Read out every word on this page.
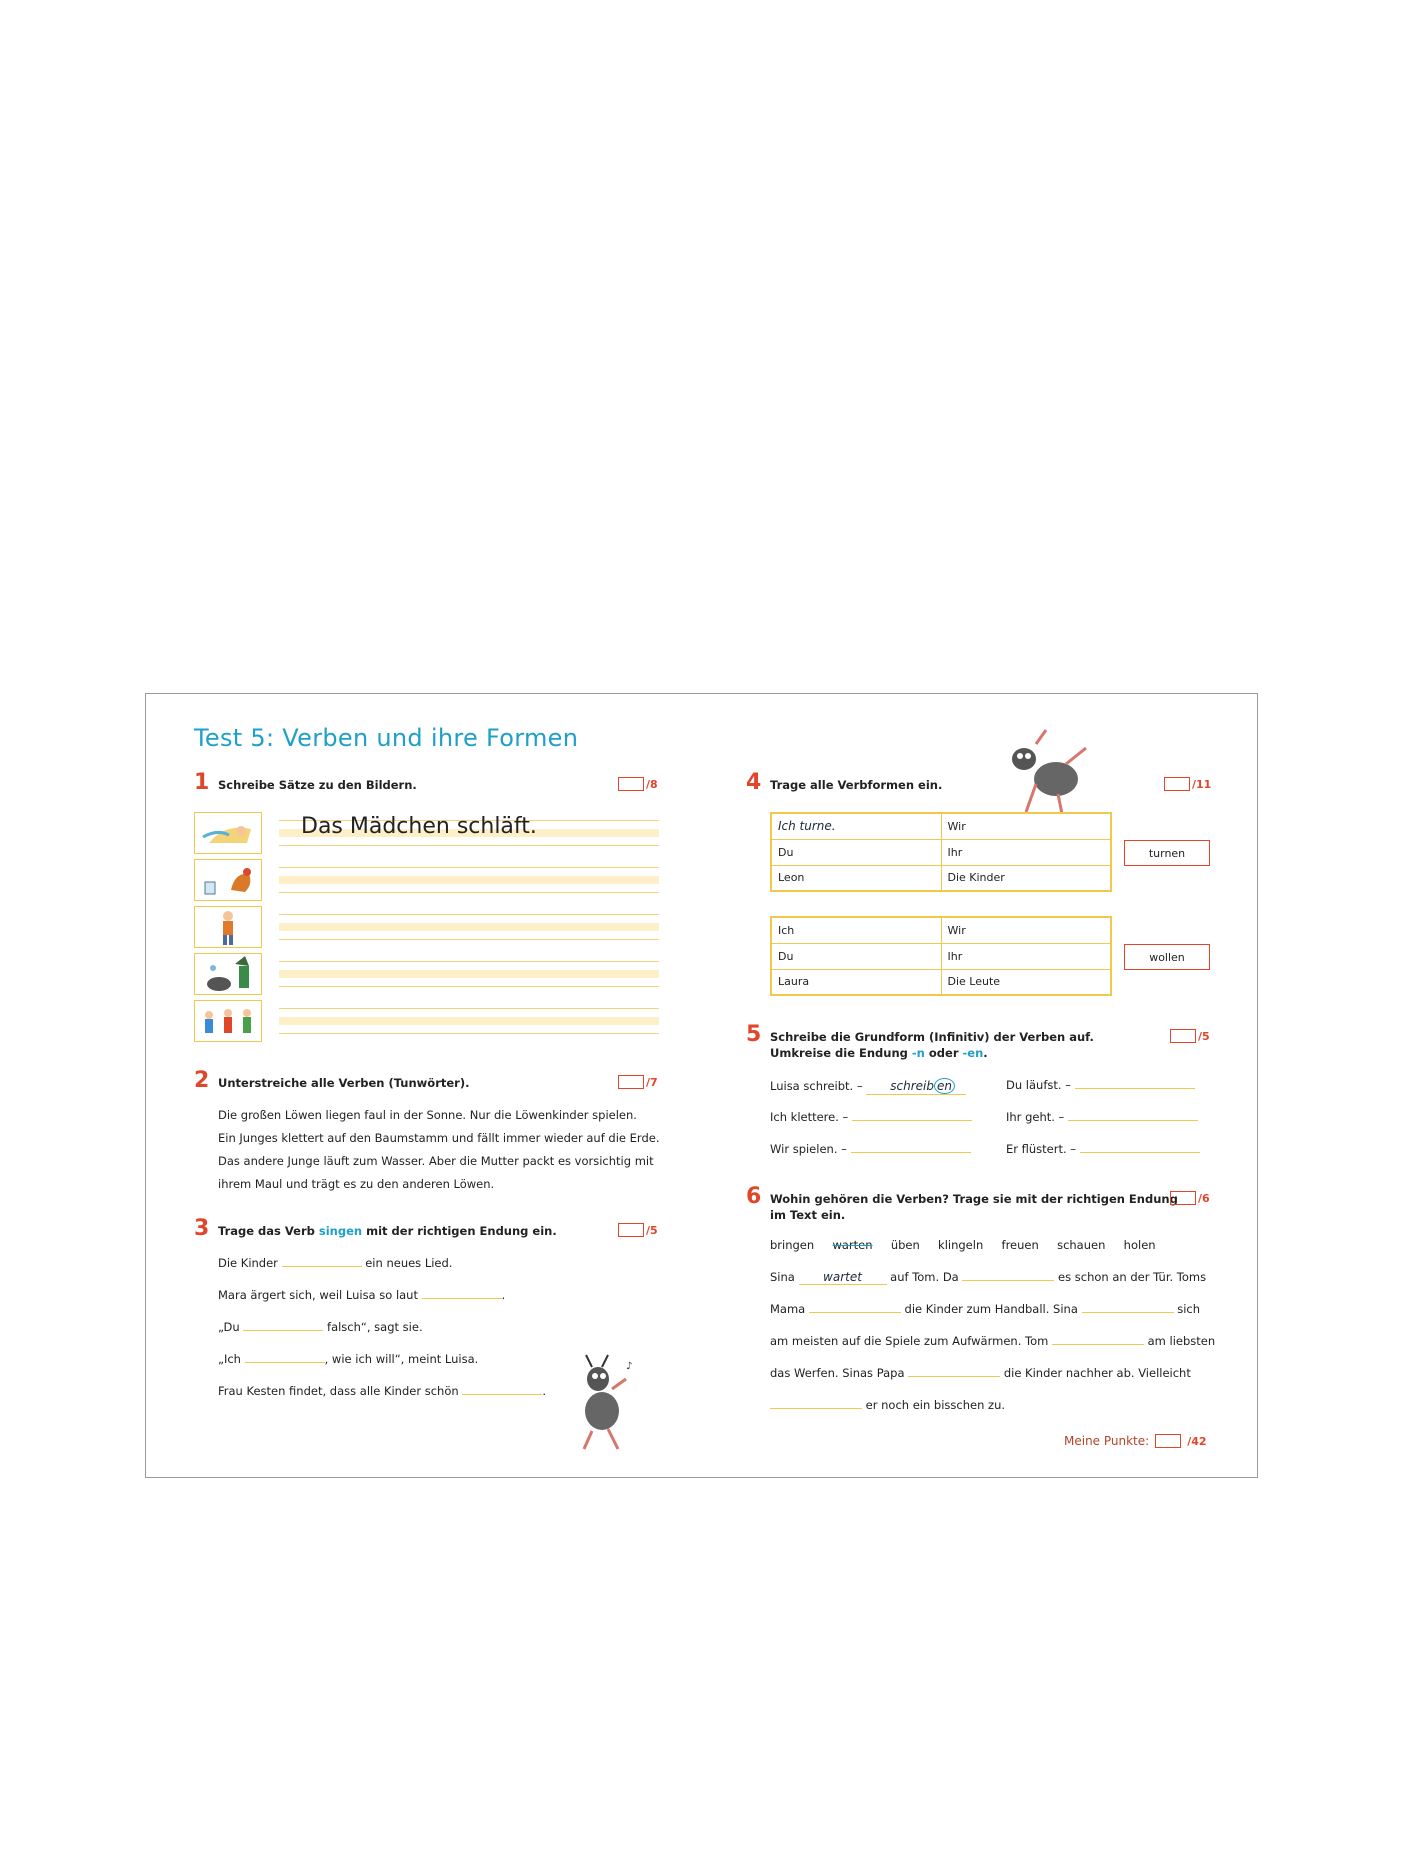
Test 5: Verben und ihre Formen
1 Schreibe Sätze zu den Bildern.	/8
Das Mädchen schläft.
2 Unterstreiche alle Verben (Tunwörter).	/7
Die großen Löwen liegen faul in der Sonne. Nur die Löwenkinder spielen.
Ein Junges klettert auf den Baumstamm und fällt immer wieder auf die Erde.
Das andere Junge läuft zum Wasser. Aber die Mutter packt es vorsichtig mit
ihrem Maul und trägt es zu den anderen Löwen.
3 Trage das Verb singen mit der richtigen Endung ein.	/5
Die Kinder	ein neues Lied.
Mara ärgert sich, weil Luisa so laut	.
„Du	falsch“, sagt sie.
„Ich	, wie ich will“, meint Luisa.
Frau Kesten findet, dass alle Kinder schön	.
♪
4 Trage alle Verbformen ein.	/11
Ich turne.	Wir
Du	Ihr
Leon	Die Kinder
turnen
Ich	Wir
Du	Ihr
Laura	Die Leute
wollen
5 Schreibe die Grundform (Infinitiv) der Verben auf.
Umkreise die Endung -n oder -en.
/5
Luisa schreibt. – schreib en	Du läufst. –
Ich klettere. –	Ihr geht. –
Wir spielen. –	Er flüstert. –
6 Wohin gehören die Verben? Trage sie mit der richtigen Endung
im Text ein.
/6
bringen warten üben klingeln freuen schauen holen
Sina wartet auf Tom. Da	es schon an der Tür. Toms
Mama	die Kinder zum Handball. Sina	sich
am meisten auf die Spiele zum Aufwärmen. Tom	am liebsten
das Werfen. Sinas Papa	die Kinder nachher ab. Vielleicht
er noch ein bisschen zu.
Meine Punkte:	/42
